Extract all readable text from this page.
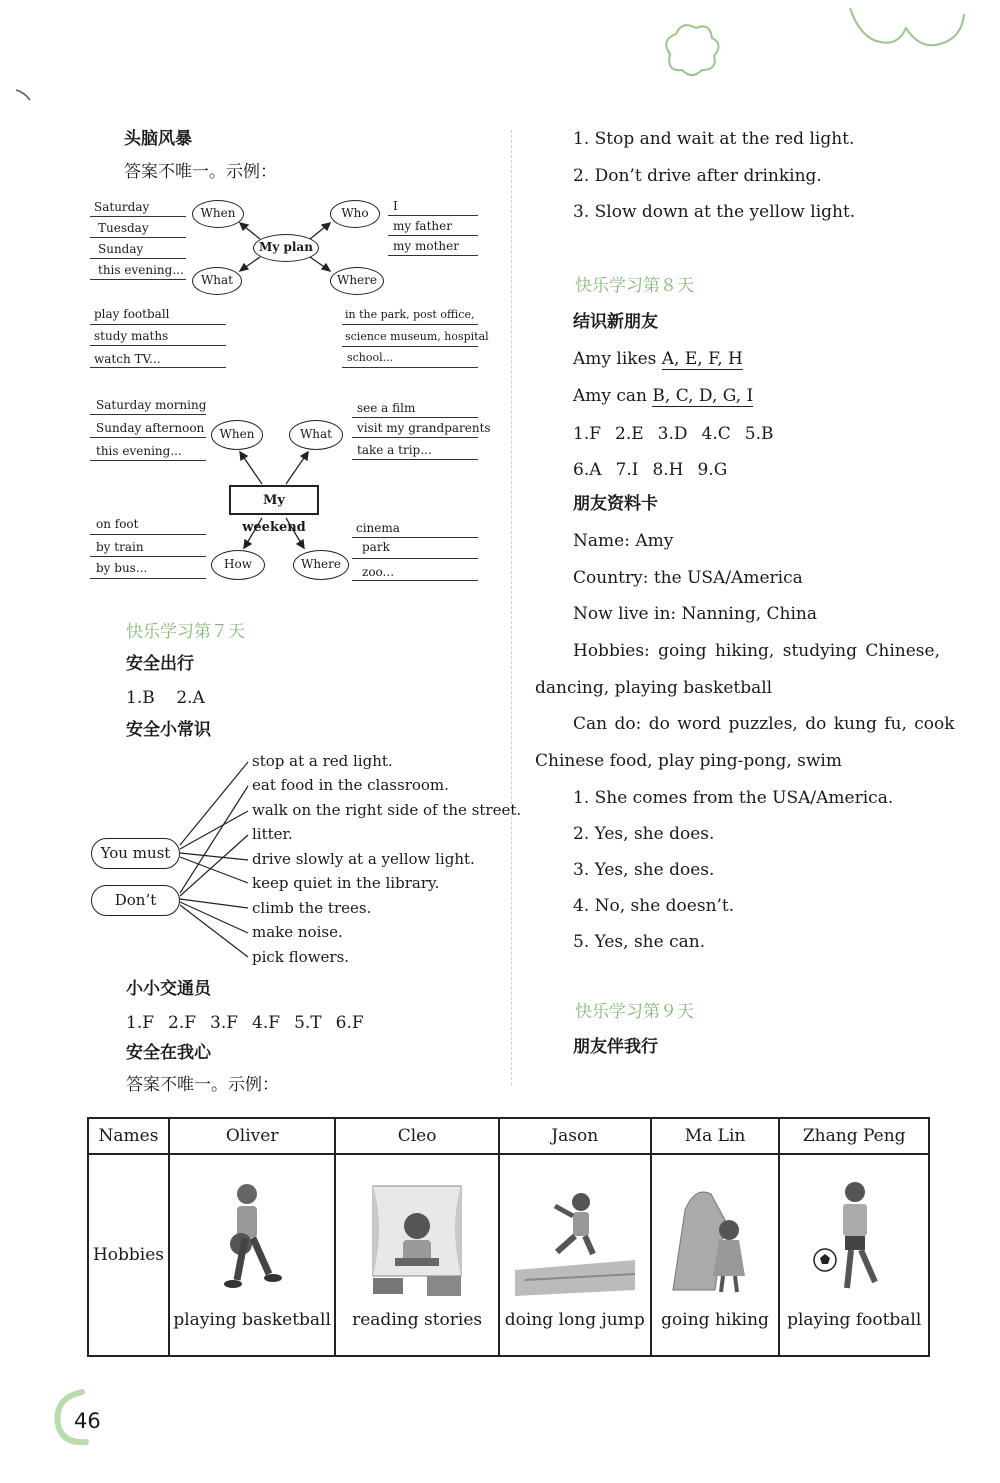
头脑风暴
答案不唯一。示例：
My plan
When	Who
What	Where
Saturday
Tuesday
Sunday
this evening...
I
my father
my mother
play football
study maths
watch TV...
in the park, post office,
science museum, hospital
school...
My weekend
When	What
How	Where
Saturday morning
Sunday afternoon
this evening...
see a film
visit my grandparents
take a trip...
on foot
by train
by bus...
cinema
park
zoo...
快乐学习第７天
安全出行
1.B    2.A
安全小常识
You must
Don’t
stop at a red light.
eat food in the classroom.
walk on the right side of the street.
litter.
drive slowly at a yellow light.
keep quiet in the library.
climb the trees.
make noise.
pick flowers.
小小交通员
1.F 2.F 3.F 4.F 5.T 6.F
安全在我心
答案不唯一。示例：
1. Stop and wait at the red light.
2. Don’t drive after drinking.
3. Slow down at the yellow light.
快乐学习第８天
结识新朋友
Amy likes A, E, F, H
Amy can B, C, D, G, I
1.F 2.E 3.D 4.C 5.B
6.A 7.I 8.H 9.G
朋友资料卡
Name: Amy
Country: the USA/America
Now live in: Nanning, China
Hobbies: going hiking, studying Chinese,
dancing, playing basketball
Can do: do word puzzles, do kung fu, cook
Chinese food, play ping-pong, swim
1. She comes from the USA/America.
2. Yes, she does.
3. Yes, she does.
4. No, she doesn’t.
5. Yes, she can.
快乐学习第９天
朋友伴我行
Names	Oliver	Cleo	Jason	Ma Lin	Zhang Peng
Hobbies	playing basketball	reading stories	doing long jump	going hiking	playing football
46
